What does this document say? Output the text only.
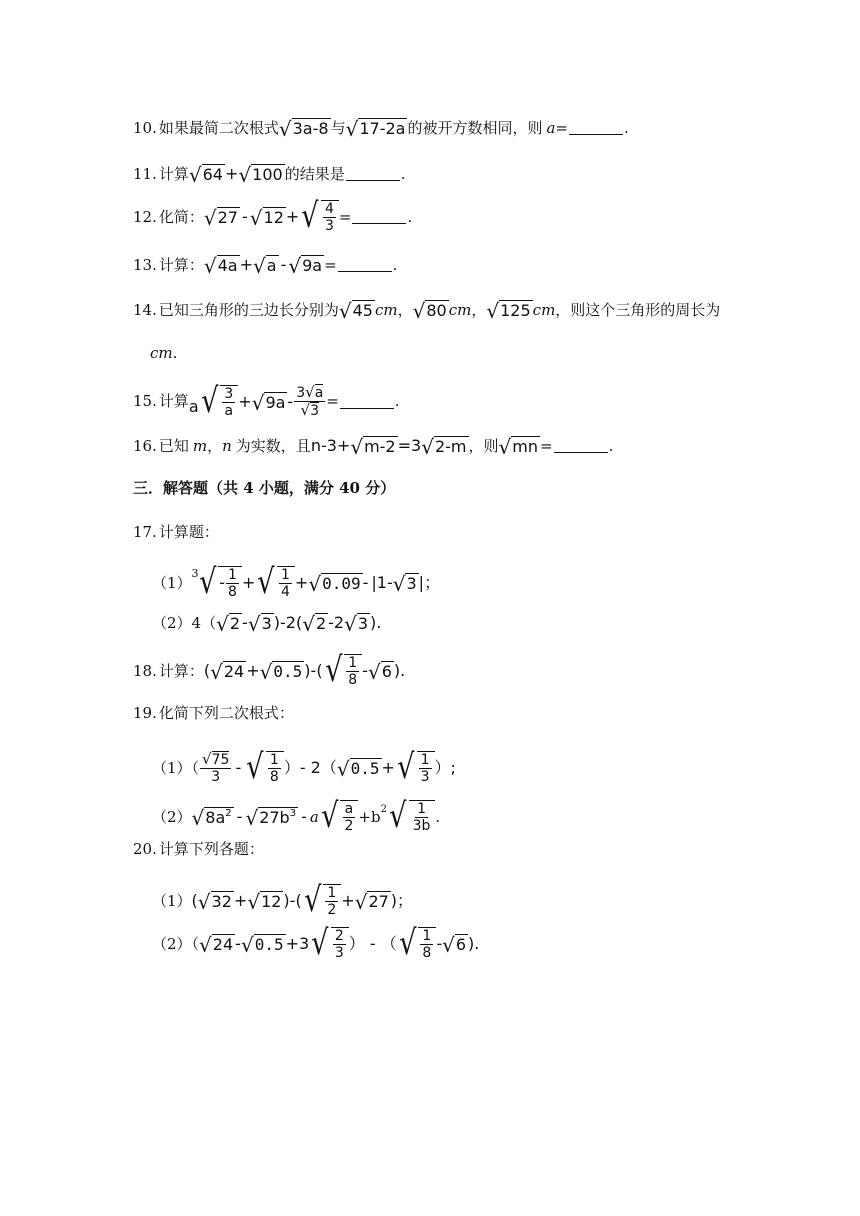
10. 如果最简二次根式 √ 3a-8 与 √ 17-2a 的被开方数相同，则 a =	.
11. 计算 √ 64 + √ 100 的结果是	.
12. 化简： √ 27 - √ 12 + √ $\frac{4}{3}$ =	.
13. 计算： √ 4a + √ a - √ 9a =	.
14. 已知三角形的三边长分别为 √ 45 cm ， √ 80 cm ， √ 125 cm ，则这个三角形的周长为
cm.
15. 计算 a √ $\frac{3}{a}$ + √ $9a - \frac{3 √ a}{√ 3}$ =	.
16. 已知 m ， n 为实数，且 n-3+ √ m-2 =3 √ 2-m ，则 √ mn =	.
三．解答题（共 4 小题，满分 40 分）
17. 计算题：
（1）
3 √ - $\frac{1}{8}$ + √ $\frac{1}{4}$ + √ 0.09 - |1- √ 3 |；
（2）4（ √ 2 - √ 3 )-2( √ 2 -2 √ 3 ).
18. 计算： ( √ 24 + √ 0.5 )-( √ $\frac{1}{8}$ - √ 6 ).
19. 化简下列二次根式：
$(1)( \frac{√ 75}{3}$ - √ $\frac{1}{8}$ ）- 2（ √ 0.5 + √ $\frac{1}{3}$ ）;
（2） √ 8a2 - √ 27b3 - a √ $\frac{a}{2} +b$ 2 √ $\frac{1}{3b}$ .
20. 计算下列各题：
（1） ( √ 32 + √ 12 )-( √ $\frac{1}{2}$ + √ 27 )；
（2）（ √ 24 - √ 0.5 +3 √ $\frac{2}{3}$ ） - （ √ $\frac{1}{8}$ - √ 6 ).
